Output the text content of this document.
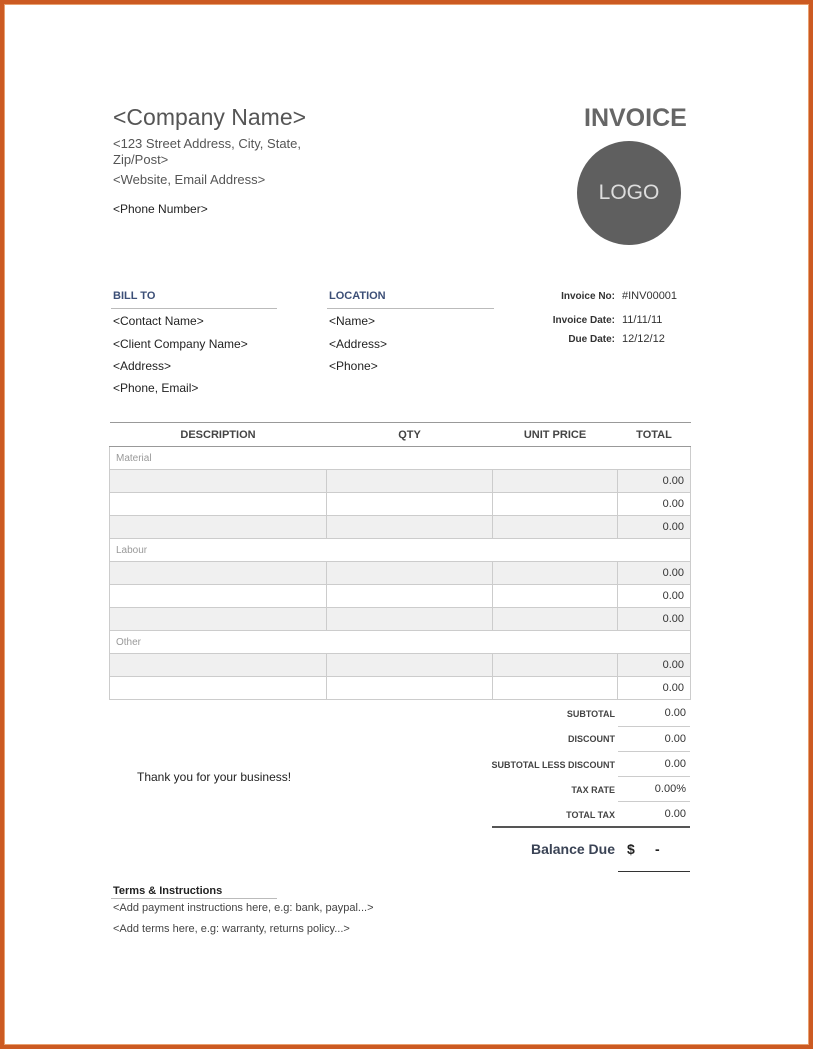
<Company Name>
<123 Street Address, City, State,
Zip/Post>
<Website, Email Address>
<Phone Number>
INVOICE
LOGO
BILL TO
<Contact Name>
<Client Company Name>
<Address>
<Phone, Email>
LOCATION
<Name>
<Address>
<Phone>
Invoice No: #INV00001
Invoice Date: 11/11/11
Due Date: 12/12/12
DESCRIPTION	QTY	UNIT PRICE	TOTAL
Material			
			0.00
			0.00
			0.00
Labour			
			0.00
			0.00
			0.00
Other			
			0.00
			0.00
SUBTOTAL	0.00
DISCOUNT	0.00
SUBTOTAL LESS DISCOUNT	0.00
TAX RATE	0.00%
TOTAL TAX	0.00
Balance Due $ -
Thank you for your business!
Terms & Instructions
<Add payment instructions here, e.g: bank, paypal...>
<Add terms here, e.g: warranty, returns policy...>
